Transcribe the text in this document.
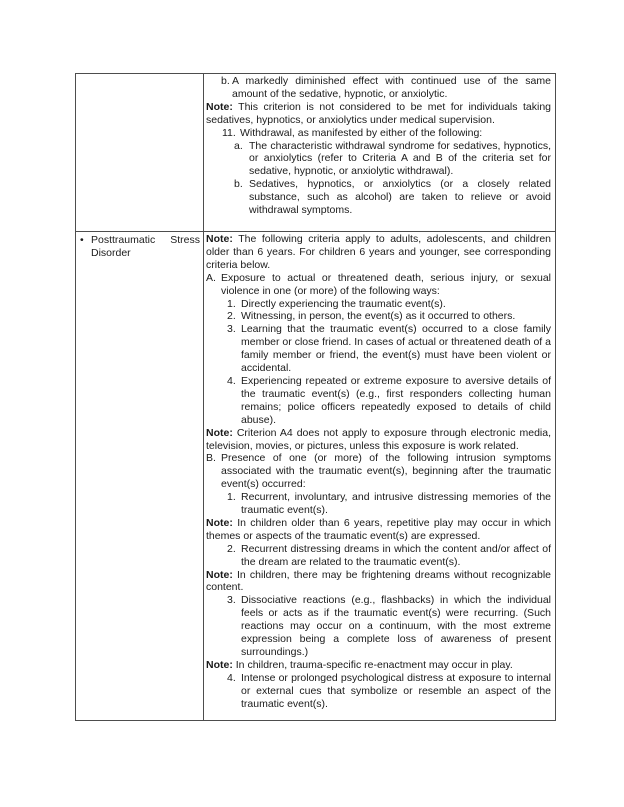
b. A markedly diminished effect with continued use of the same amount of the sedative, hypnotic, or anxiolytic.

Note: This criterion is not considered to be met for individuals taking sedatives, hypnotics, or anxiolytics under medical supervision.

11. Withdrawal, as manifested by either of the following:

a. The characteristic withdrawal syndrome for sedatives, hypnotics, or anxiolytics (refer to Criteria A and B of the criteria set for sedative, hypnotic, or anxiolytic withdrawal).

b. Sedatives, hypnotics, or anxiolytics (or a closely related substance, such as alcohol) are taken to relieve or avoid withdrawal symptoms.

• Posttraumatic Stress Disorder

Note: The following criteria apply to adults, adolescents, and children older than 6 years. For children 6 years and younger, see corresponding criteria below.

A. Exposure to actual or threatened death, serious injury, or sexual violence in one (or more) of the following ways:

1. Directly experiencing the traumatic event(s).

2. Witnessing, in person, the event(s) as it occurred to others.

3. Learning that the traumatic event(s) occurred to a close family member or close friend. In cases of actual or threatened death of a family member or friend, the event(s) must have been violent or accidental.

4. Experiencing repeated or extreme exposure to aversive details of the traumatic event(s) (e.g., first responders collecting human remains; police officers repeatedly exposed to details of child abuse).

Note: Criterion A4 does not apply to exposure through electronic media, television, movies, or pictures, unless this exposure is work related.

B. Presence of one (or more) of the following intrusion symptoms associated with the traumatic event(s), beginning after the traumatic event(s) occurred:

1. Recurrent, involuntary, and intrusive distressing memories of the traumatic event(s).

Note: In children older than 6 years, repetitive play may occur in which themes or aspects of the traumatic event(s) are expressed.

2. Recurrent distressing dreams in which the content and/or affect of the dream are related to the traumatic event(s).

Note: In children, there may be frightening dreams without recognizable content.

3. Dissociative reactions (e.g., flashbacks) in which the individual feels or acts as if the traumatic event(s) were recurring. (Such reactions may occur on a continuum, with the most extreme expression being a complete loss of awareness of present surroundings.)

Note: In children, trauma-specific re-enactment may occur in play.

4. Intense or prolonged psychological distress at exposure to internal or external cues that symbolize or resemble an aspect of the traumatic event(s).
